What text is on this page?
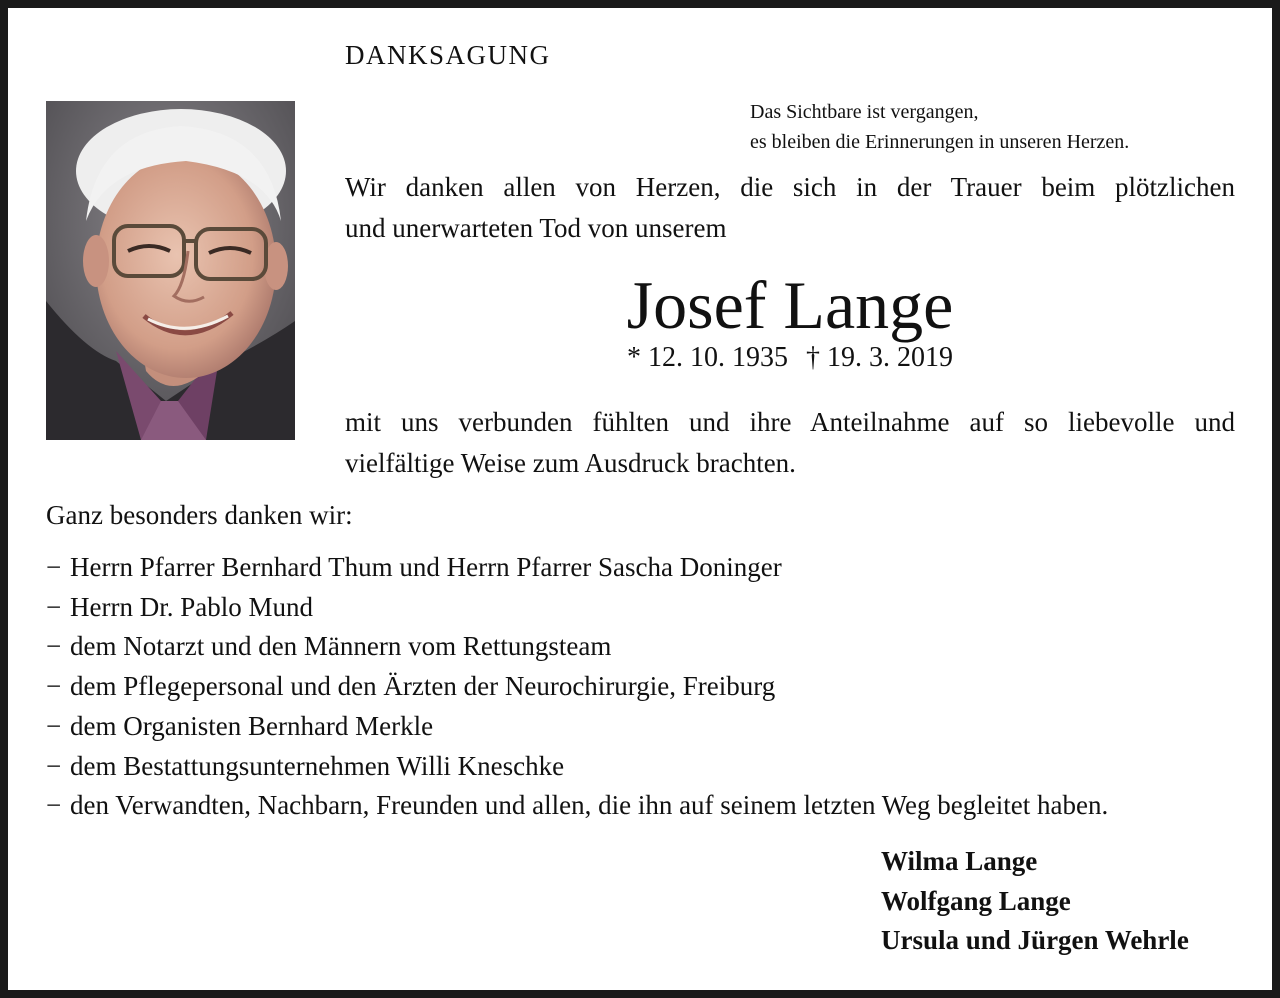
DANKSAGUNG
Das Sichtbare ist vergangen,
es bleiben die Erinnerungen in unseren Herzen.
Wir danken allen von Herzen, die sich in der Trauer beim plötzlichen
und unerwarteten Tod von unserem
Josef Lange
* 12. 10. 1935 † 19. 3. 2019
mit uns verbunden fühlten und ihre Anteilnahme auf so liebevolle und
vielfältige Weise zum Ausdruck brachten.
Ganz besonders danken wir:
− Herrn Pfarrer Bernhard Thum und Herrn Pfarrer Sascha Doninger
− Herrn Dr. Pablo Mund
− dem Notarzt und den Männern vom Rettungsteam
− dem Pflegepersonal und den Ärzten der Neurochirurgie, Freiburg
− dem Organisten Bernhard Merkle
− dem Bestattungsunternehmen Willi Kneschke
− den Verwandten, Nachbarn, Freunden und allen, die ihn auf seinem letzten Weg begleitet haben.
Wilma Lange
Wolfgang Lange
Ursula und Jürgen Wehrle
